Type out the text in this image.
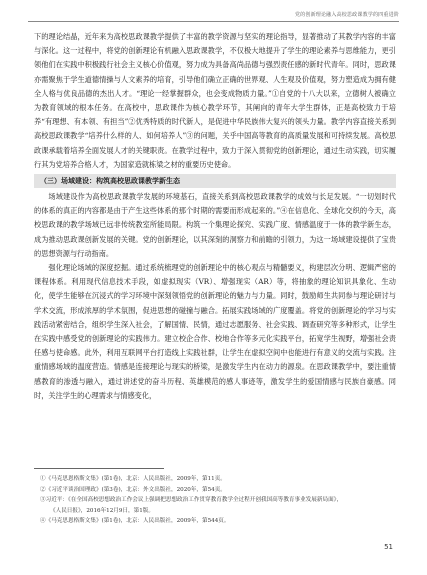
党的创新理论融入高校思政课教学的四重进阶

下的理论结晶，近年来为高校思政课教学提供了丰富的教学资源与坚实的理论指导，显著推动了其教学内容的丰富与深化。这一过程中，将党的创新理论有机融入思政课教学，不仅极大地提升了学生的理论素养与思维能力，更引领他们在实践中积极践行社会主义核心价值观，努力成为具备高尚品德与强烈责任感的新时代青年。同时，思政课亦需聚焦于学生道德情操与人文素养的培育，引导他们确立正确的世界观、人生观及价值观，努力塑造成为拥有健全人格与优良品德的杰出人才。“理论一经掌握群众，也会变成物质力量。”①自党的十八大以来，立德树人被确立为教育领域的根本任务。在高校中，思政课作为核心教学环节，其阐向的青年大学生群体，正是高校致力于培养“有理想、有本领、有担当”②优秀特质的时代新人，是促进中华民族伟大复兴的领头力量。教学内容直接关系到高校思政课教学“培养什么样的人、如何培养人”③的问题，关乎中国高等教育的高质量发展和可持续发展。高校思政课承载着培养全面发展人才的关键职责。在教学过程中，致力于深入贯彻党的创新理论，通过生动实践，切实履行其为党培养合格人才，为国家造就栋梁之材的重要历史使命。

（三）场域建设：构筑高校思政课教学新生态

场域建设作为高校思政课教学发展的环境基石，直接关系到高校思政课教学的成效与长足发展。“一切划时代的体系的真正的内容都是由于产生这些体系的那个时期的需要而形成起来的。”④在信息化、全球化交织的今天，高校思政课的教学场域已远非传统教室所能局限。构筑一个集理论探究、实践广度、情感温度于一体的教学新生态，成为推动思政课创新发展的关键。党的创新理论，以其深刻的洞察力和前瞻的引领力，为这一场域建设提供了宝贵的思想资源与行动指南。

强化理论场域的深度挖掘。通过系统梳理党的创新理论中的核心观点与精髓要义，构建层次分明、逻辑严密的课程体系。利用现代信息技术手段，如虚拟现实（VR）、增强现实（AR）等，将抽象的理论知识具象化、生动化，使学生能够在沉浸式的学习环境中深刻领悟党的创新理论的魅力与力量。同时，鼓励师生共同参与理论研讨与学术交流，形成浓厚的学术氛围，促进思想的碰撞与融合。拓展实践场域的广度覆盖。将党的创新理论的学习与实践活动紧密结合，组织学生深入社会，了解国情、民情，通过志愿服务、社会实践、调查研究等多种形式，让学生在实践中感受党的创新理论的实践伟力。建立校企合作、校地合作等多元化实践平台，拓宽学生视野，增强社会责任感与使命感。此外，利用互联网平台打造线上实践社群，让学生在虚拟空间中也能进行有意义的交流与实践。注重情感场域的温度营造。情感是连接理论与现实的桥梁，是激发学生内在动力的源泉。在思政课教学中，要注重情感教育的渗透与融入，通过讲述党的奋斗历程、英雄模范的感人事迹等，激发学生的爱国情感与民族自豪感。同时，关注学生的心理需求与情感变化，

①《马克思恩格斯文集》(第1卷)，北京：人民出版社，2009年，第11页。
②《习近平谈治国理政》(第3卷)，北京：外文出版社，2020年，第54页。
③习近平：《在全国高校思想政治工作会议上强调把思想政治工作贯穿教育教学全过程开创我国高等教育事业发展新局面》，
《人民日报》，2016年12月9日，第1版。
④《马克思恩格斯文集》(第1卷)，北京：人民出版社，2009年，第544页。
51
